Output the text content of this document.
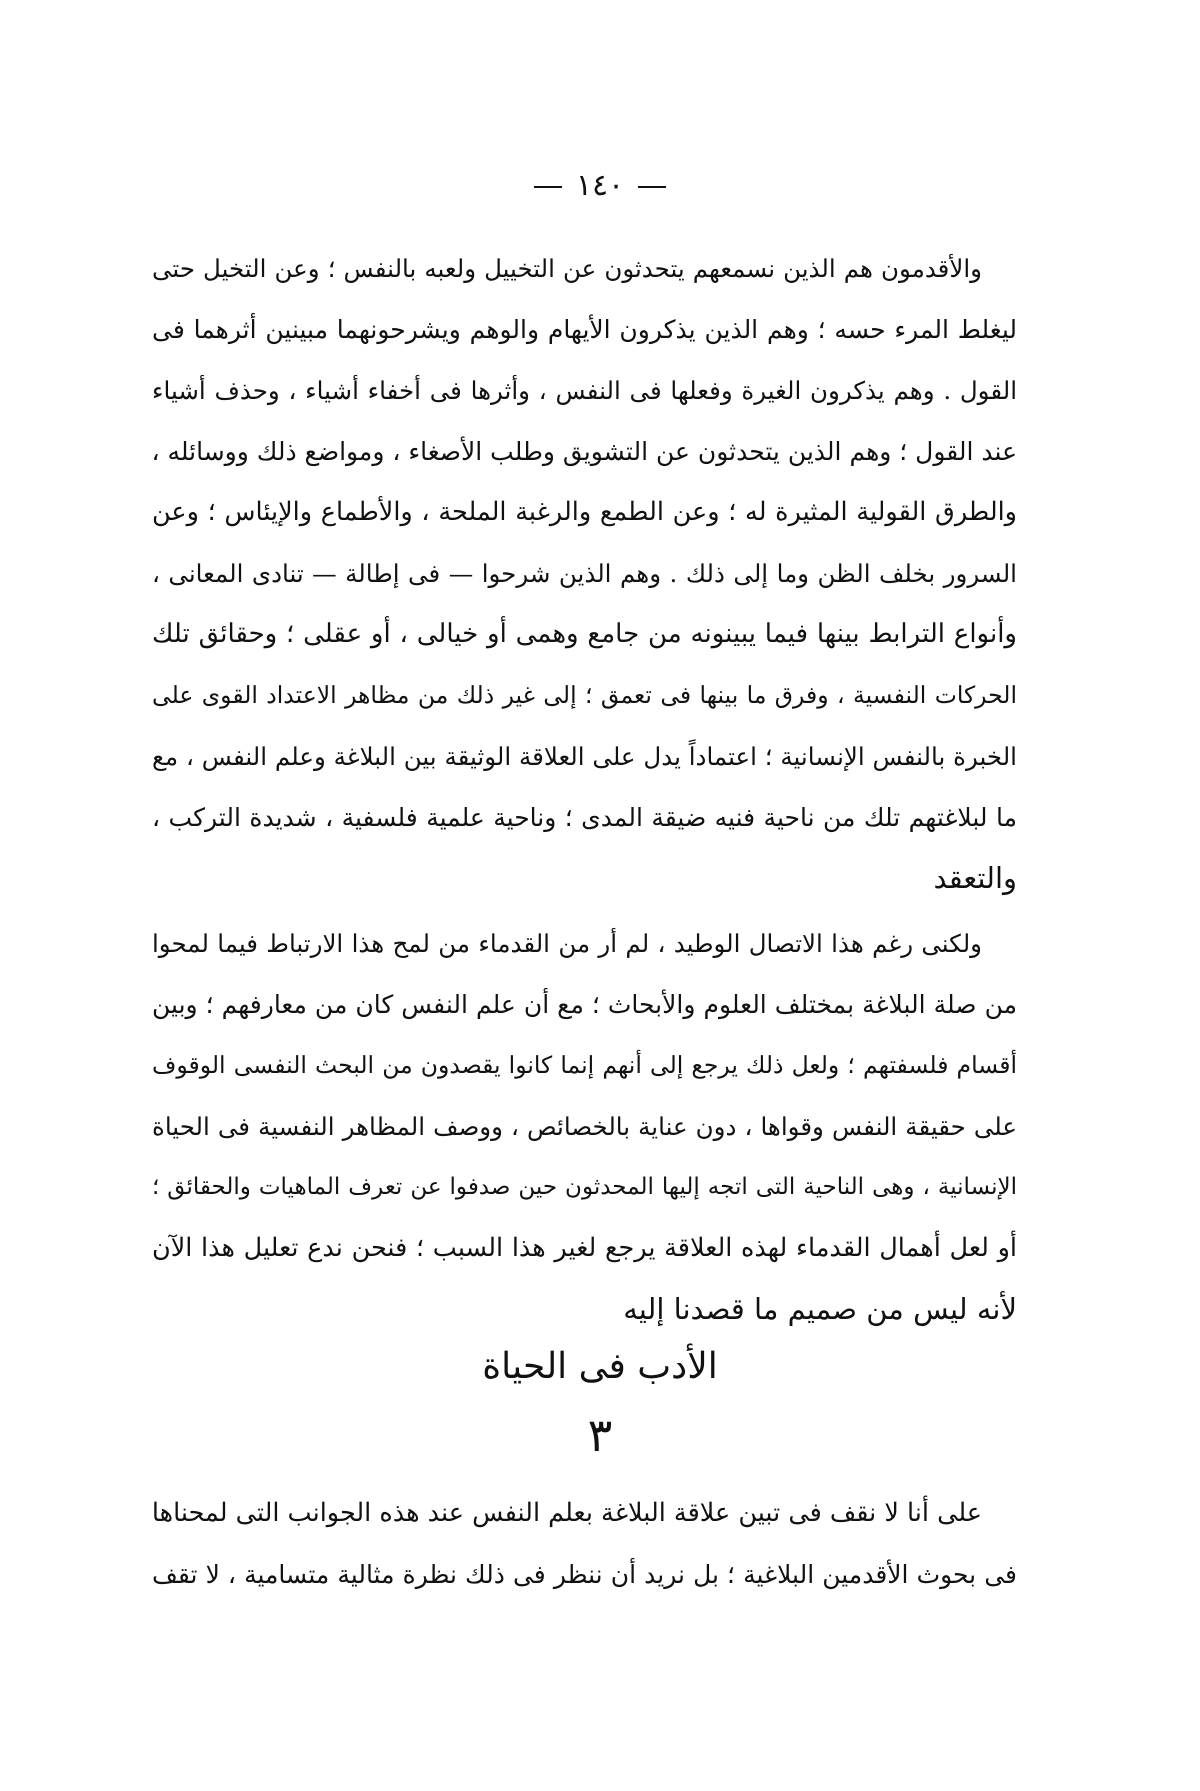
١٤٠
والأقدمون هم الذين نسمعهم يتحدثون عن التخييل ولعبه بالنفس ؛ وعن التخيل حتى
ليغلط المرء حسه ؛ وهم الذين يذكرون الأيهام والوهم ويشرحونهما مبينين أثرهما فى
القول . وهم يذكرون الغيرة وفعلها فى النفس ، وأثرها فى أخفاء أشياء ، وحذف أشياء
عند القول ؛ وهم الذين يتحدثون عن التشويق وطلب الأصغاء ، ومواضع ذلك ووسائله ،
والطرق القولية المثيرة له ؛ وعن الطمع والرغبة الملحة ، والأطماع والإيئاس ؛ وعن
السرور بخلف الظن وما إلى ذلك . وهم الذين شرحوا — فى إطالة — تنادى المعانى ،
وأنواع الترابط بينها فيما يبينونه من جامع وهمى أو خيالى ، أو عقلى ؛ وحقائق تلك
الحركات النفسية ، وفرق ما بينها فى تعمق ؛ إلى غير ذلك من مظاهر الاعتداد القوى على
الخبرة بالنفس الإنسانية ؛ اعتماداً يدل على العلاقة الوثيقة بين البلاغة وعلم النفس ، مع
ما لبلاغتهم تلك من ناحية فنيه ضيقة المدى ؛ وناحية علمية فلسفية ، شديدة التركب ،
والتعقد
ولكنى رغم هذا الاتصال الوطيد ، لم أر من القدماء من لمح هذا الارتباط فيما لمحوا
من صلة البلاغة بمختلف العلوم والأبحاث ؛ مع أن علم النفس كان من معارفهم ؛ وبين
أقسام فلسفتهم ؛ ولعل ذلك يرجع إلى أنهم إنما كانوا يقصدون من البحث النفسى الوقوف
على حقيقة النفس وقواها ، دون عناية بالخصائص ، ووصف المظاهر النفسية فى الحياة
الإنسانية ، وهى الناحية التى اتجه إليها المحدثون حين صدفوا عن تعرف الماهيات والحقائق ؛
أو لعل أهمال القدماء لهذه العلاقة يرجع لغير هذا السبب ؛ فنحن ندع تعليل هذا الآن
لأنه ليس من صميم ما قصدنا إليه
الأدب فى الحياة
٣
على أنا لا نقف فى تبين علاقة البلاغة بعلم النفس عند هذه الجوانب التى لمحناها
فى بحوث الأقدمين البلاغية ؛ بل نريد أن ننظر فى ذلك نظرة مثالية متسامية ، لا تقف
